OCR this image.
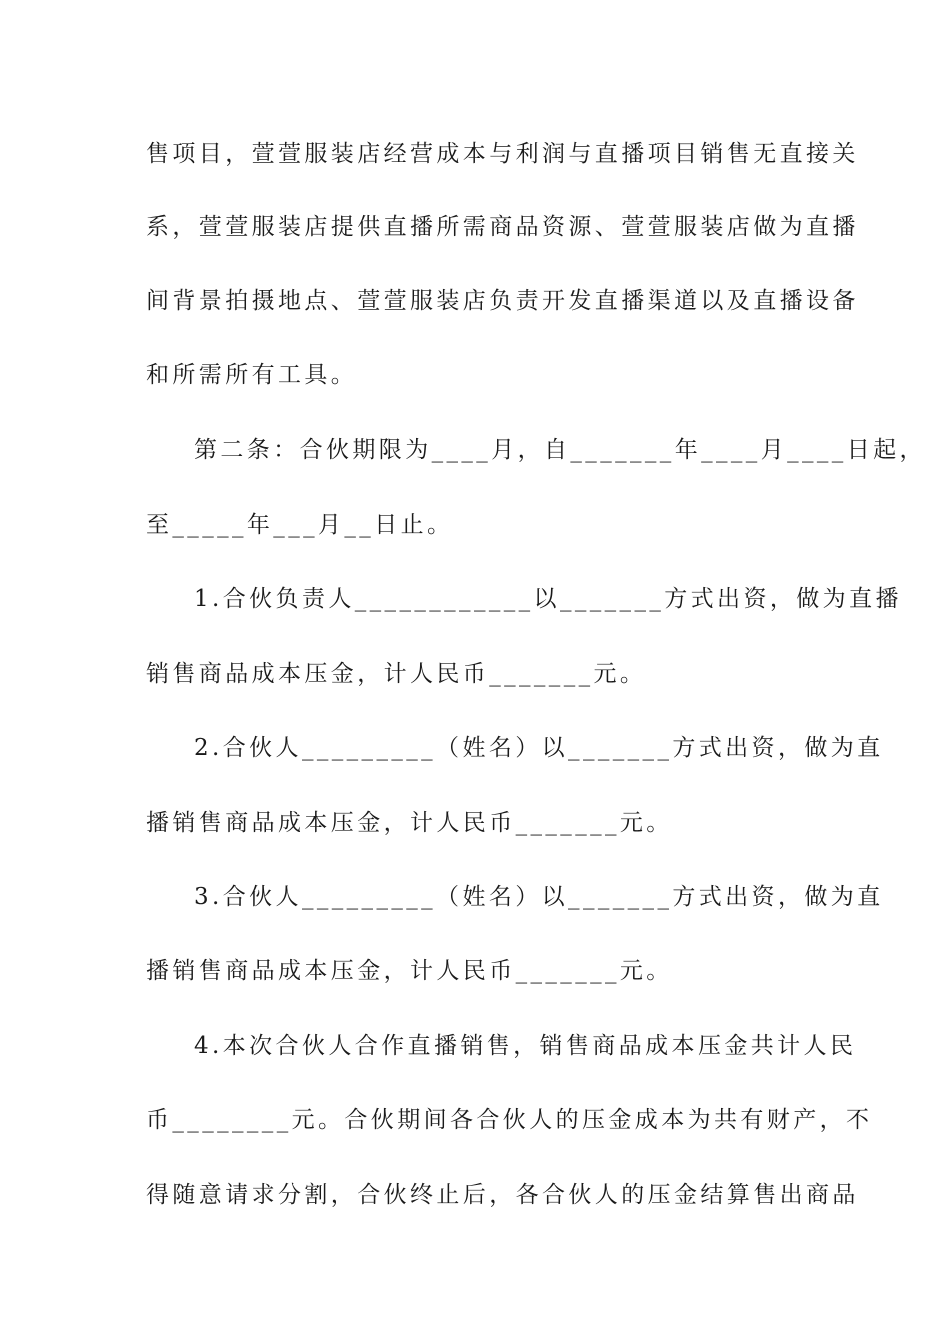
售项目，萱萱服装店经营成本与利润与直播项目销售无直接关
系，萱萱服装店提供直播所需商品资源、萱萱服装店做为直播
间背景拍摄地点、萱萱服装店负责开发直播渠道以及直播设备
和所需所有工具。
第二条：合伙期限为____月，自_______年____月____日起，
至_____年___月__日止。
1.合伙负责人____________以_______方式出资，做为直播
销售商品成本压金，计人民币_______元。
2.合伙人_________（姓名）以_______方式出资，做为直
播销售商品成本压金，计人民币_______元。
3.合伙人_________（姓名）以_______方式出资，做为直
播销售商品成本压金，计人民币_______元。
4.本次合伙人合作直播销售，销售商品成本压金共计人民
币________元。合伙期间各合伙人的压金成本为共有财产，不
得随意请求分割，合伙终止后，各合伙人的压金结算售出商品
